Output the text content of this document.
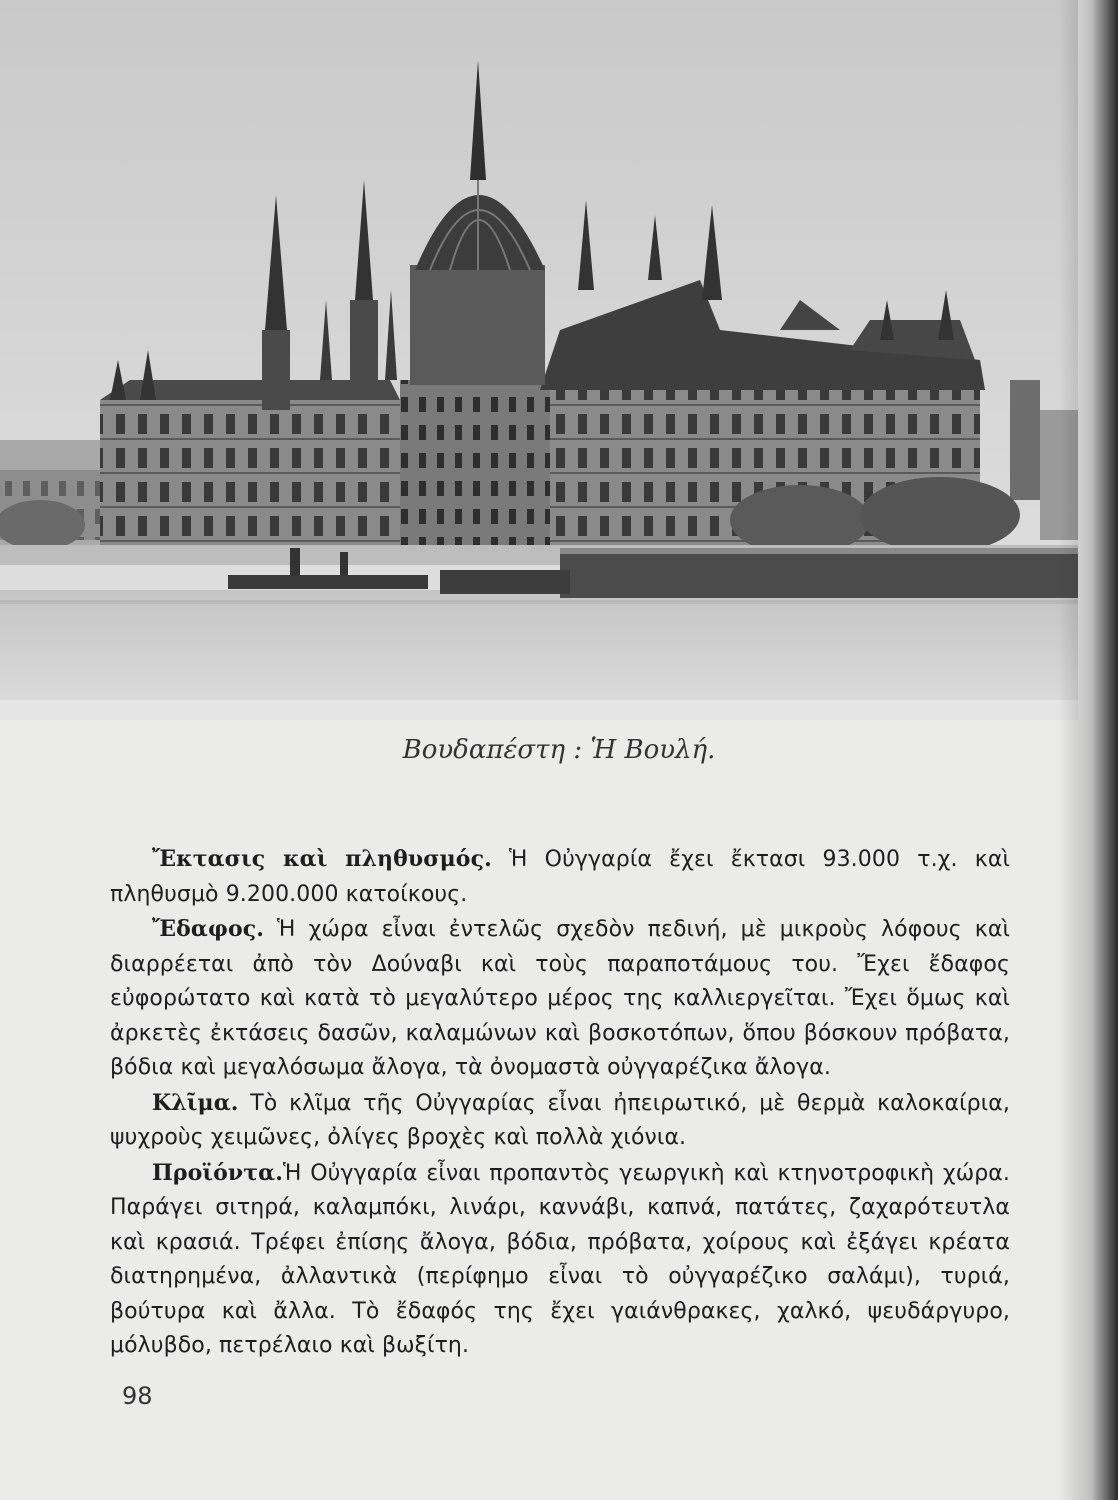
Βουδαπέστη : Ἡ Βουλή.

Ἔκτασις καὶ πληθυσμός. Ἡ Οὐγγαρία ἔχει ἔκτασι 93.000 τ.χ. καὶ πληθυσμὸ 9.200.000 κατοίκους.

Ἔδαφος. Ἡ χώρα εἶναι ἐντελῶς σχεδὸν πεδινή, μὲ μικροὺς λόφους καὶ διαρρέεται ἀπὸ τὸν Δούναβι καὶ τοὺς παραποτάμους του. Ἔχει ἔδαφος εὐφορώτατο καὶ κατὰ τὸ μεγαλύτερο μέρος της καλλιεργεῖται. Ἔχει ὅμως καὶ ἀρκετὲς ἐκτάσεις δασῶν, καλαμώνων καὶ βοσκοτόπων, ὅπου βόσκουν πρόβατα, βόδια καὶ μεγαλόσωμα ἄλογα, τὰ ὀνομαστὰ οὐγγαρέζικα ἄλογα.

Κλῖμα. Τὸ κλῖμα τῆς Οὐγγαρίας εἶναι ἠπειρωτικό, μὲ θερμὰ καλοκαίρια, ψυχροὺς χειμῶνες, ὀλίγες βροχὲς καὶ πολλὰ χιόνια.

Προϊόντα.Ἡ Οὐγγαρία εἶναι προπαντὸς γεωργικὴ καὶ κτηνοτροφικὴ χώρα. Παράγει σιτηρά, καλαμπόκι, λινάρι, καννάβι, καπνά, πατάτες, ζαχαρότευτλα καὶ κρασιά. Τρέφει ἐπίσης ἄλογα, βόδια, πρόβατα, χοίρους καὶ ἐξάγει κρέατα διατηρημένα, ἀλλαντικὰ (περίφημο εἶναι τὸ οὐγγαρέζικο σαλάμι), τυριά, βούτυρα καὶ ἄλλα. Τὸ ἔδαφός της ἔχει γαιάνθρακες, χαλκό, ψευδάργυρο, μόλυβδο, πετρέλαιο καὶ βωξίτη.

98
